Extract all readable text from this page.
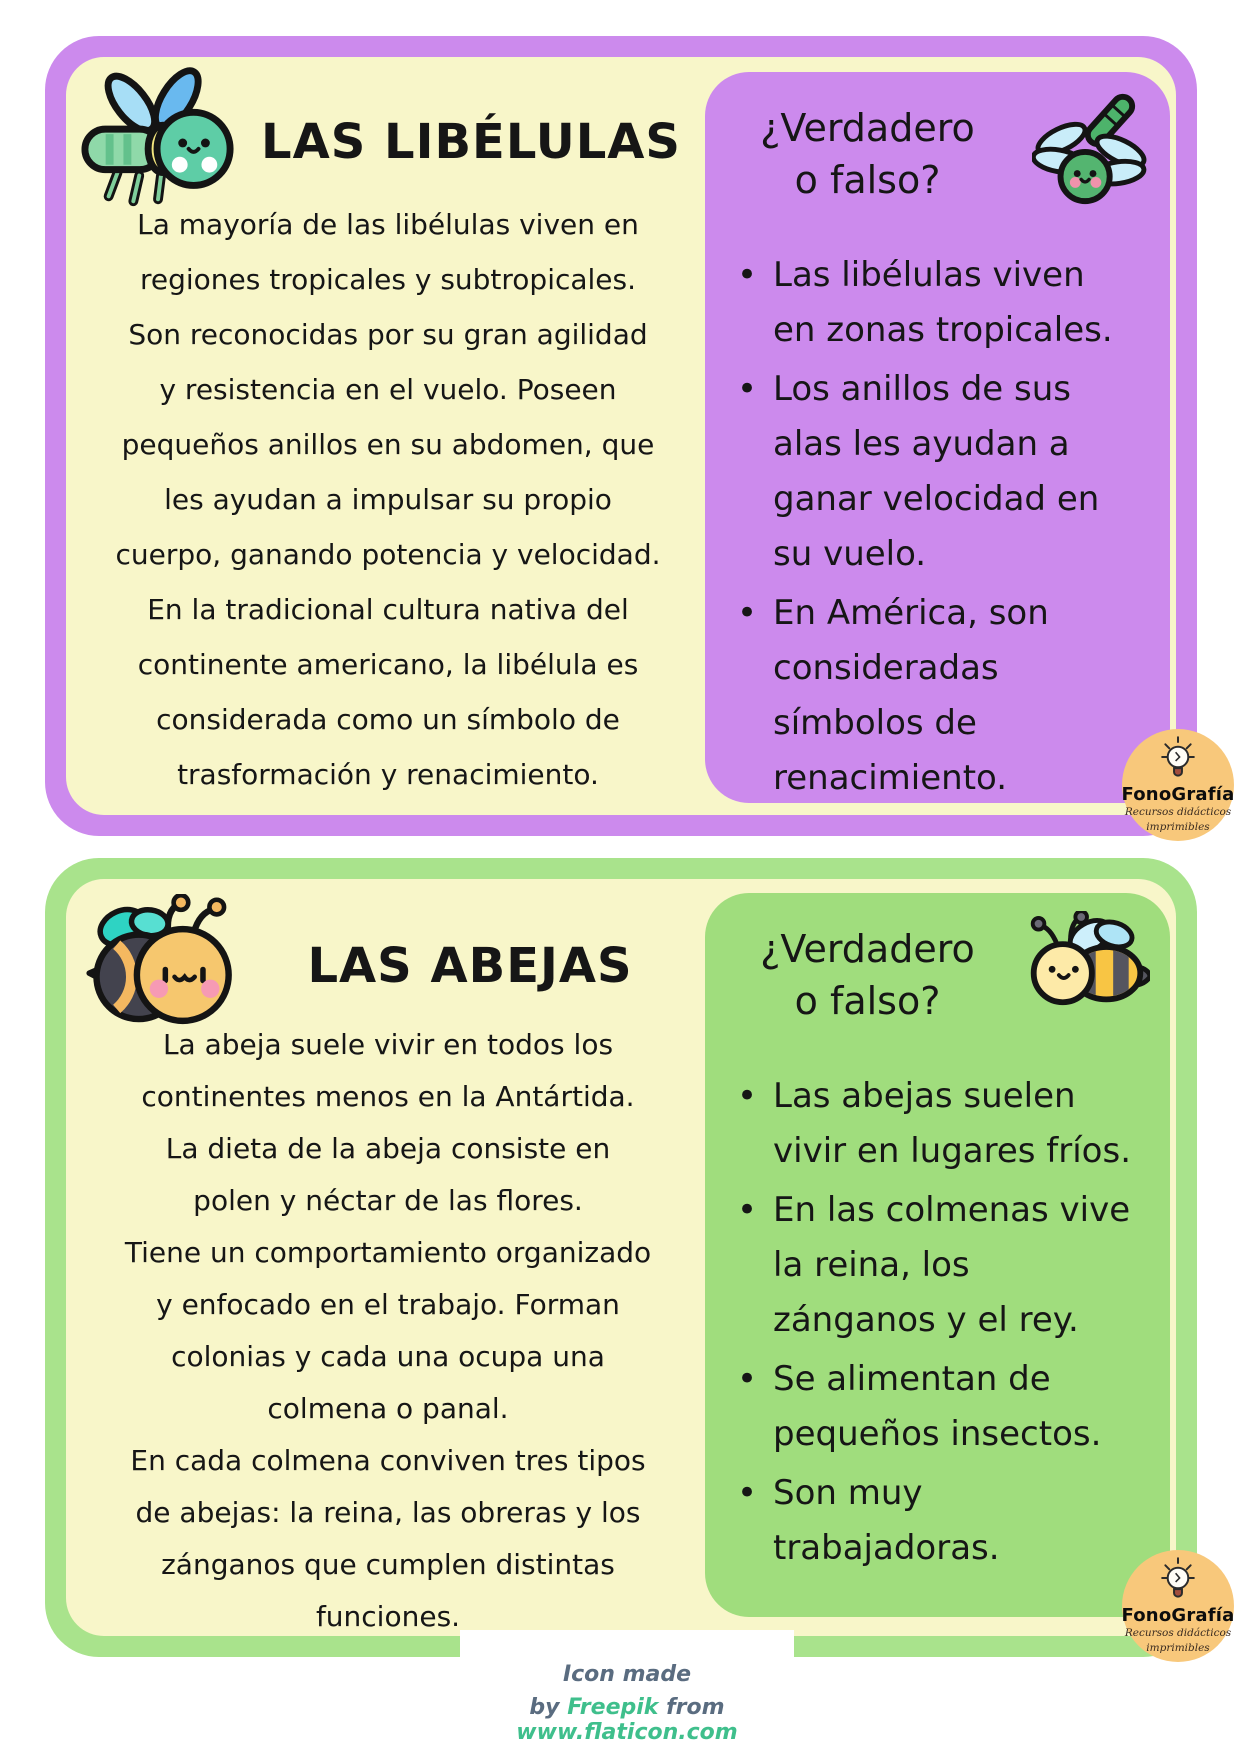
LAS LIBÉLULAS
La mayoría de las libélulas viven en
regiones tropicales y subtropicales.
Son reconocidas por su gran agilidad
y resistencia en el vuelo. Poseen
pequeños anillos en su abdomen, que
les ayudan a impulsar su propio
cuerpo, ganando potencia y velocidad.
En la tradicional cultura nativa del
continente americano, la libélula es
considerada como un símbolo de
trasformación y renacimiento.
¿Verdadero
o falso?
• Las libélulas viven en zonas tropicales.
• Los anillos de sus alas les ayudan a ganar velocidad en su vuelo.
• En América, son consideradas símbolos de renacimiento.	FonoGrafía
Recursos didácticos
imprimibles
LAS ABEJAS
La abeja suele vivir en todos los
continentes menos en la Antártida.
La dieta de la abeja consiste en
polen y néctar de las flores.
Tiene un comportamiento organizado
y enfocado en el trabajo. Forman
colonias y cada una ocupa una
colmena o panal.
En cada colmena conviven tres tipos
de abejas: la reina, las obreras y los
zánganos que cumplen distintas
funciones.
¿Verdadero
o falso?
• Las abejas suelen vivir en lugares fríos.
• En las colmenas vive la reina, los zánganos y el rey.
• Se alimentan de pequeños insectos.
• Son muy trabajadoras.
FonoGrafía
Recursos didácticos
imprimibles
Icon made
by Freepik from www.flaticon.com
